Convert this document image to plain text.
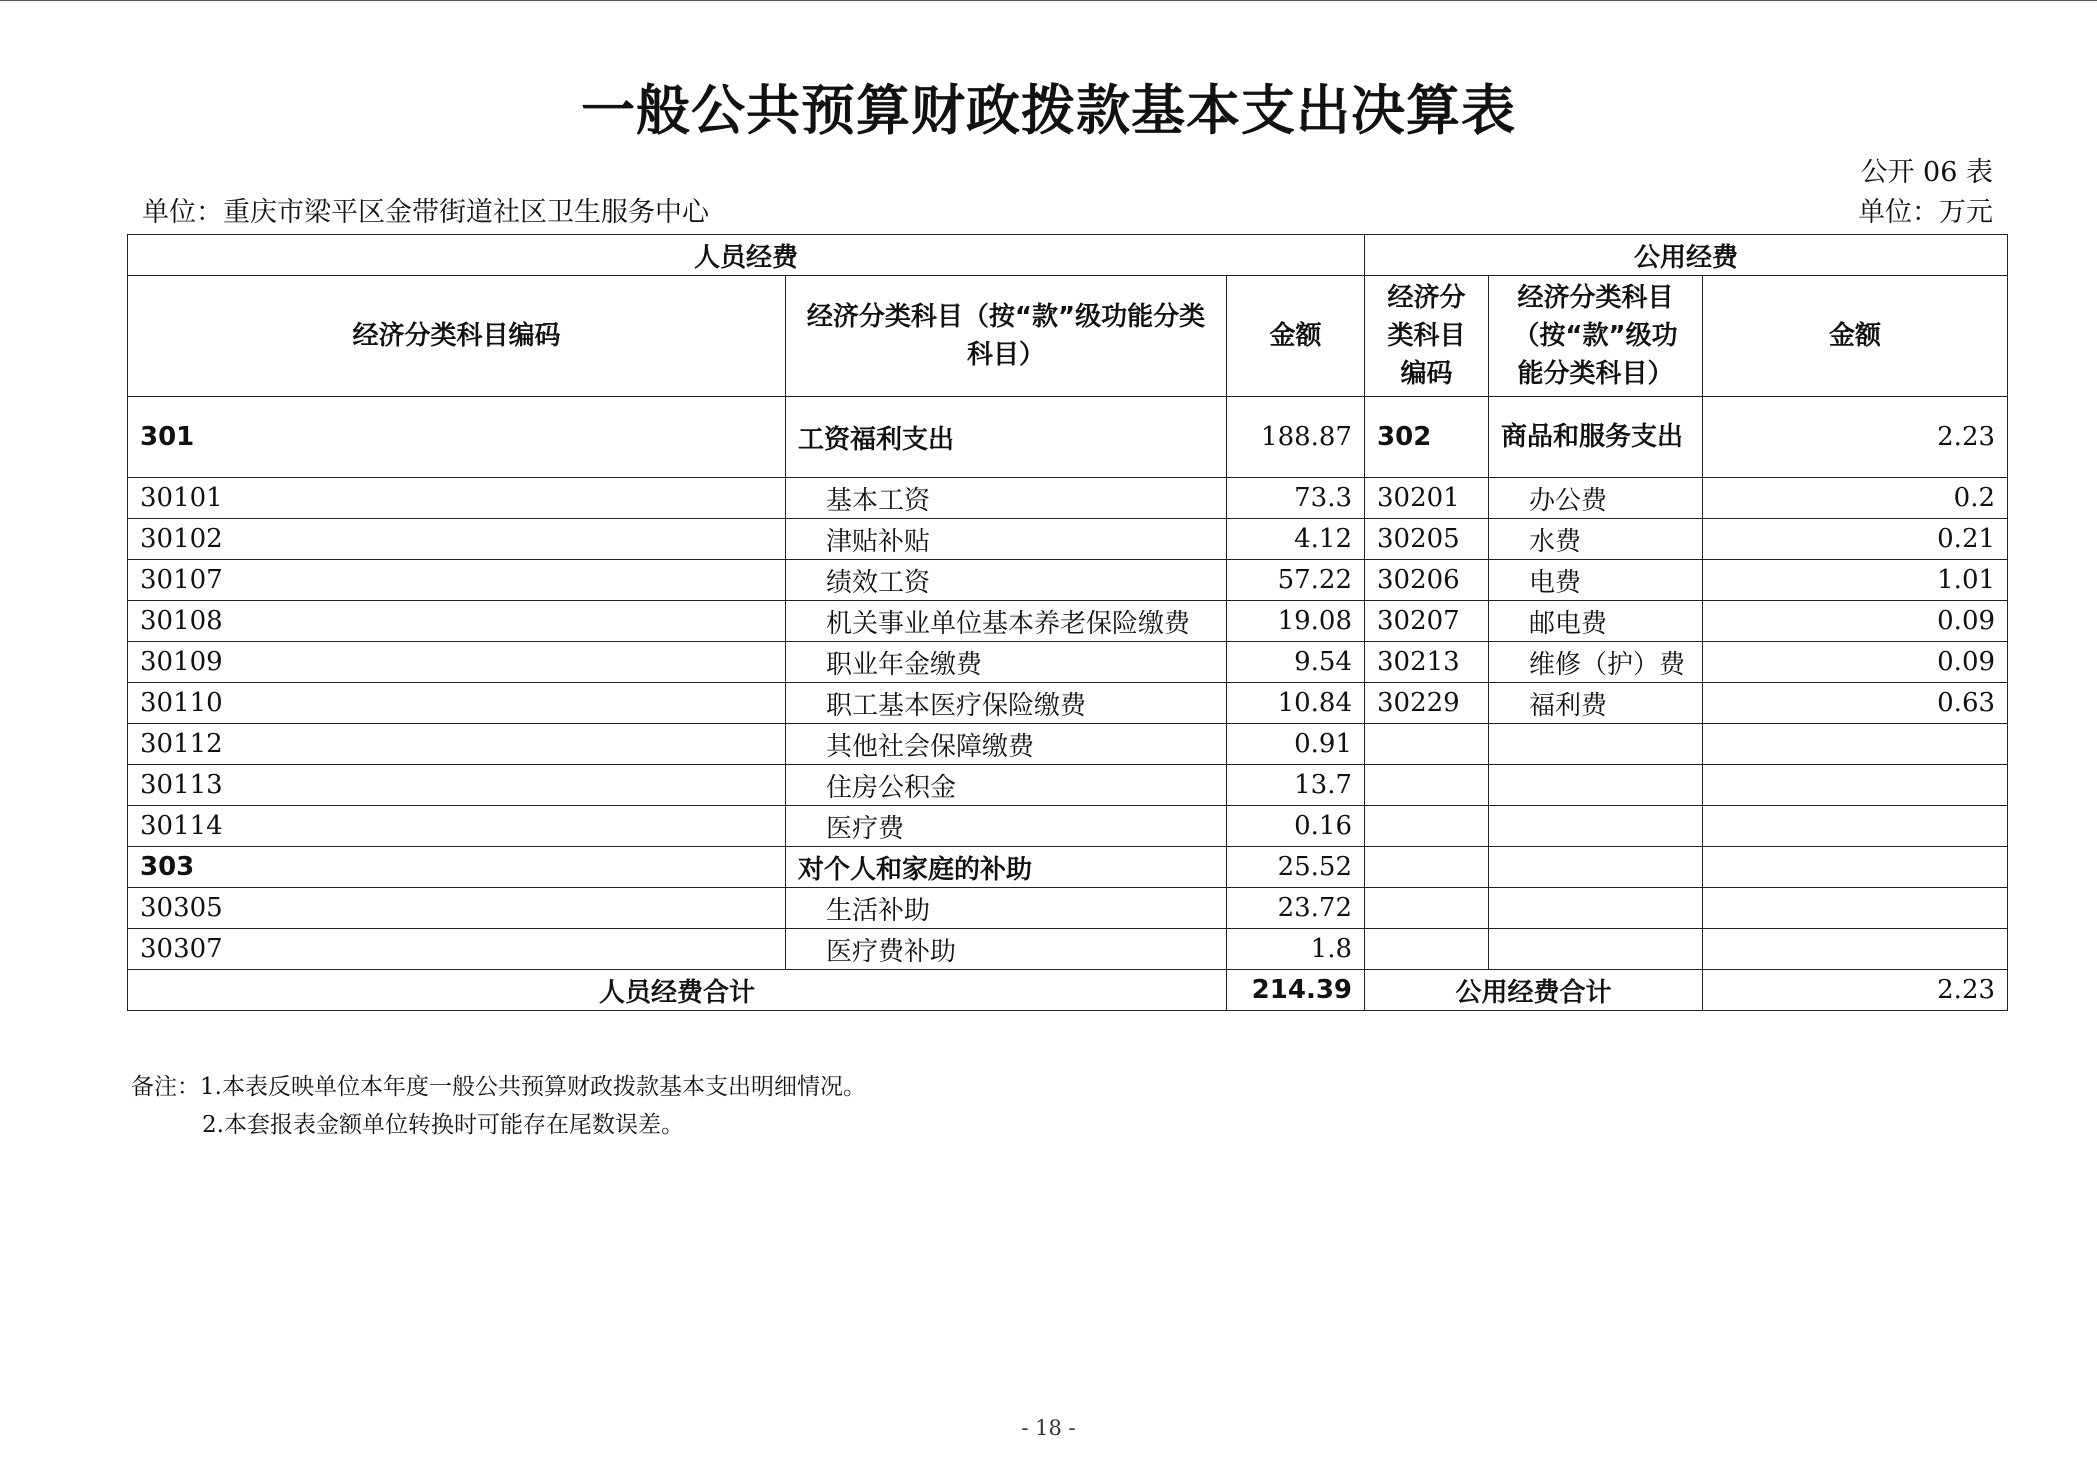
一般公共预算财政拨款基本支出决算表
公开 06 表
单位：重庆市梁平区金带街道社区卫生服务中心	单位：万元
人员经费			公用经费		
经济分类科目编码	经济分类科目（按“款”级功能分类科目）	金额	经济分类科目编码	经济分类科目（按“款”级功能分类科目）	金额
301	工资福利支出	188.87	302	商品和服务支出	2.23
30101	基本工资	73.3	30201	办公费	0.2
30102	津贴补贴	4.12	30205	水费	0.21
30107	绩效工资	57.22	30206	电费	1.01
30108	机关事业单位基本养老保险缴费	19.08	30207	邮电费	0.09
30109	职业年金缴费	9.54	30213	维修（护）费	0.09
30110	职工基本医疗保险缴费	10.84	30229	福利费	0.63
30112	其他社会保障缴费	0.91			
30113	住房公积金	13.7			
30114	医疗费	0.16			
303	对个人和家庭的补助	25.52			
30305	生活补助	23.72			
30307	医疗费补助	1.8			
人员经费合计		214.39	公用经费合计		2.23
备注：1.本表反映单位本年度一般公共预算财政拨款基本支出明细情况。
2.本套报表金额单位转换时可能存在尾数误差。
- 18 -
